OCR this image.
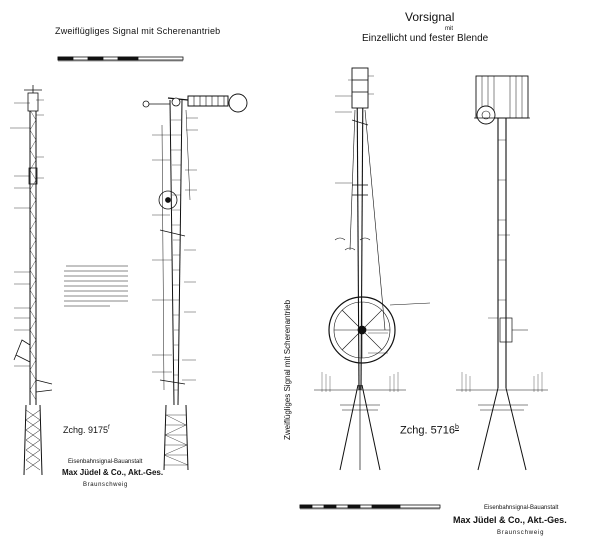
Zweiflügliges Signal mit Scherenantrieb
Vorsignal
mit
Einzellicht und fester Blende
Zweiflügliges Signal mit Scherenantrieb
Zchg. 9175$^f$	Zchg. 5716$^b$
Eisenbahnsignal-Bauanstalt
Max Jüdel & Co., Akt.-Ges.
Braunschweig
Eisenbahnsignal-Bauanstalt
Max Jüdel & Co., Akt.-Ges.
Braunschweig
